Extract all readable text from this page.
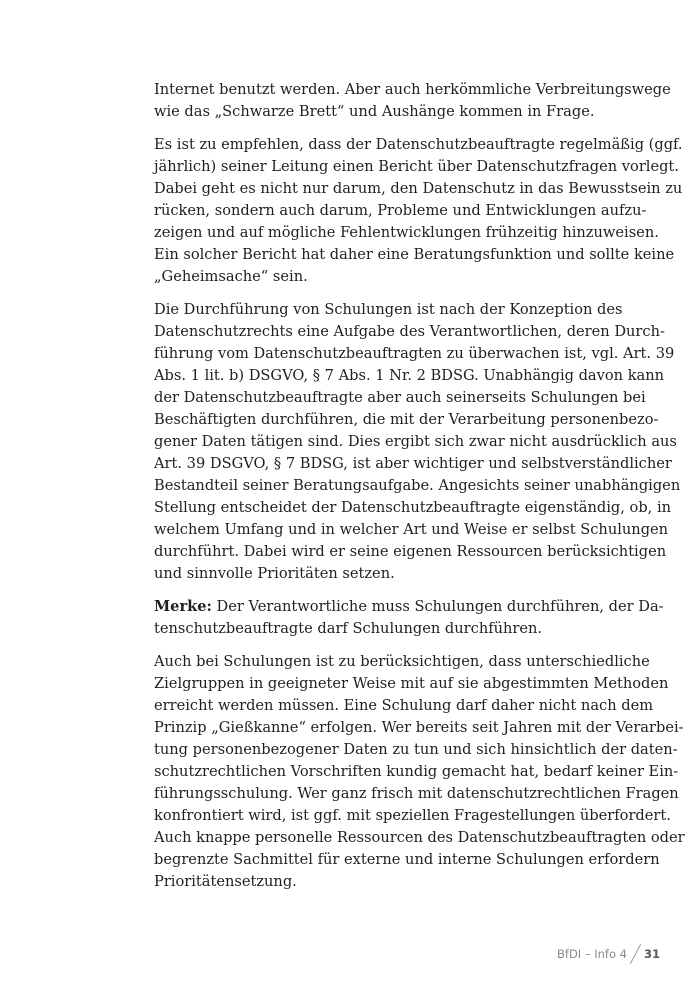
Internet benutzt werden. Aber auch herkömmliche Verbreitungswege
wie das „Schwarze Brett“ und Aushänge kommen in Frage.
Es ist zu empfehlen, dass der Datenschutzbeauftragte regelmäßig (ggf.
jährlich) seiner Leitung einen Bericht über Datenschutzfragen vorlegt.
Dabei geht es nicht nur darum, den Datenschutz in das Bewusstsein zu
rücken, sondern auch darum, Probleme und Entwicklungen aufzu-
zeigen und auf mögliche Fehlentwicklungen frühzeitig hinzuweisen.
Ein solcher Bericht hat daher eine Beratungsfunktion und sollte keine
„Geheimsache“ sein.
Die Durchführung von Schulungen ist nach der Konzeption des
Datenschutzrechts eine Aufgabe des Verantwortlichen, deren Durch-
führung vom Datenschutzbeauftragten zu überwachen ist, vgl. Art. 39
Abs. 1 lit. b) DSGVO, § 7 Abs. 1 Nr. 2 BDSG. Unabhängig davon kann
der Datenschutzbeauftragte aber auch seinerseits Schulungen bei
Beschäftigten durchführen, die mit der Verarbeitung personenbezo-
gener Daten tätigen sind. Dies ergibt sich zwar nicht ausdrücklich aus
Art. 39 DSGVO, § 7 BDSG, ist aber wichtiger und selbstverständlicher
Bestandteil seiner Beratungsaufgabe. Angesichts seiner unabhängigen
Stellung entscheidet der Datenschutzbeauftragte eigenständig, ob, in
welchem Umfang und in welcher Art und Weise er selbst Schulungen
durchführt. Dabei wird er seine eigenen Ressourcen berücksichtigen
und sinnvolle Prioritäten setzen.
Merke: Der Verantwortliche muss Schulungen durchführen, der Da-
tenschutzbeauftragte darf Schulungen durchführen.
Auch bei Schulungen ist zu berücksichtigen, dass unterschiedliche
Zielgruppen in geeigneter Weise mit auf sie abgestimmten Methoden
erreicht werden müssen. Eine Schulung darf daher nicht nach dem
Prinzip „Gießkanne“ erfolgen. Wer bereits seit Jahren mit der Verarbei-
tung personenbezogener Daten zu tun und sich hinsichtlich der daten-
schutzrechtlichen Vorschriften kundig gemacht hat, bedarf keiner Ein-
führungsschulung. Wer ganz frisch mit datenschutzrechtlichen Fragen
konfrontiert wird, ist ggf. mit speziellen Fragestellungen überfordert.
Auch knappe personelle Ressourcen des Datenschutzbeauftragten oder
begrenzte Sachmittel für externe und interne Schulungen erfordern
Prioritätensetzung.
BfDI – Info 4 31
